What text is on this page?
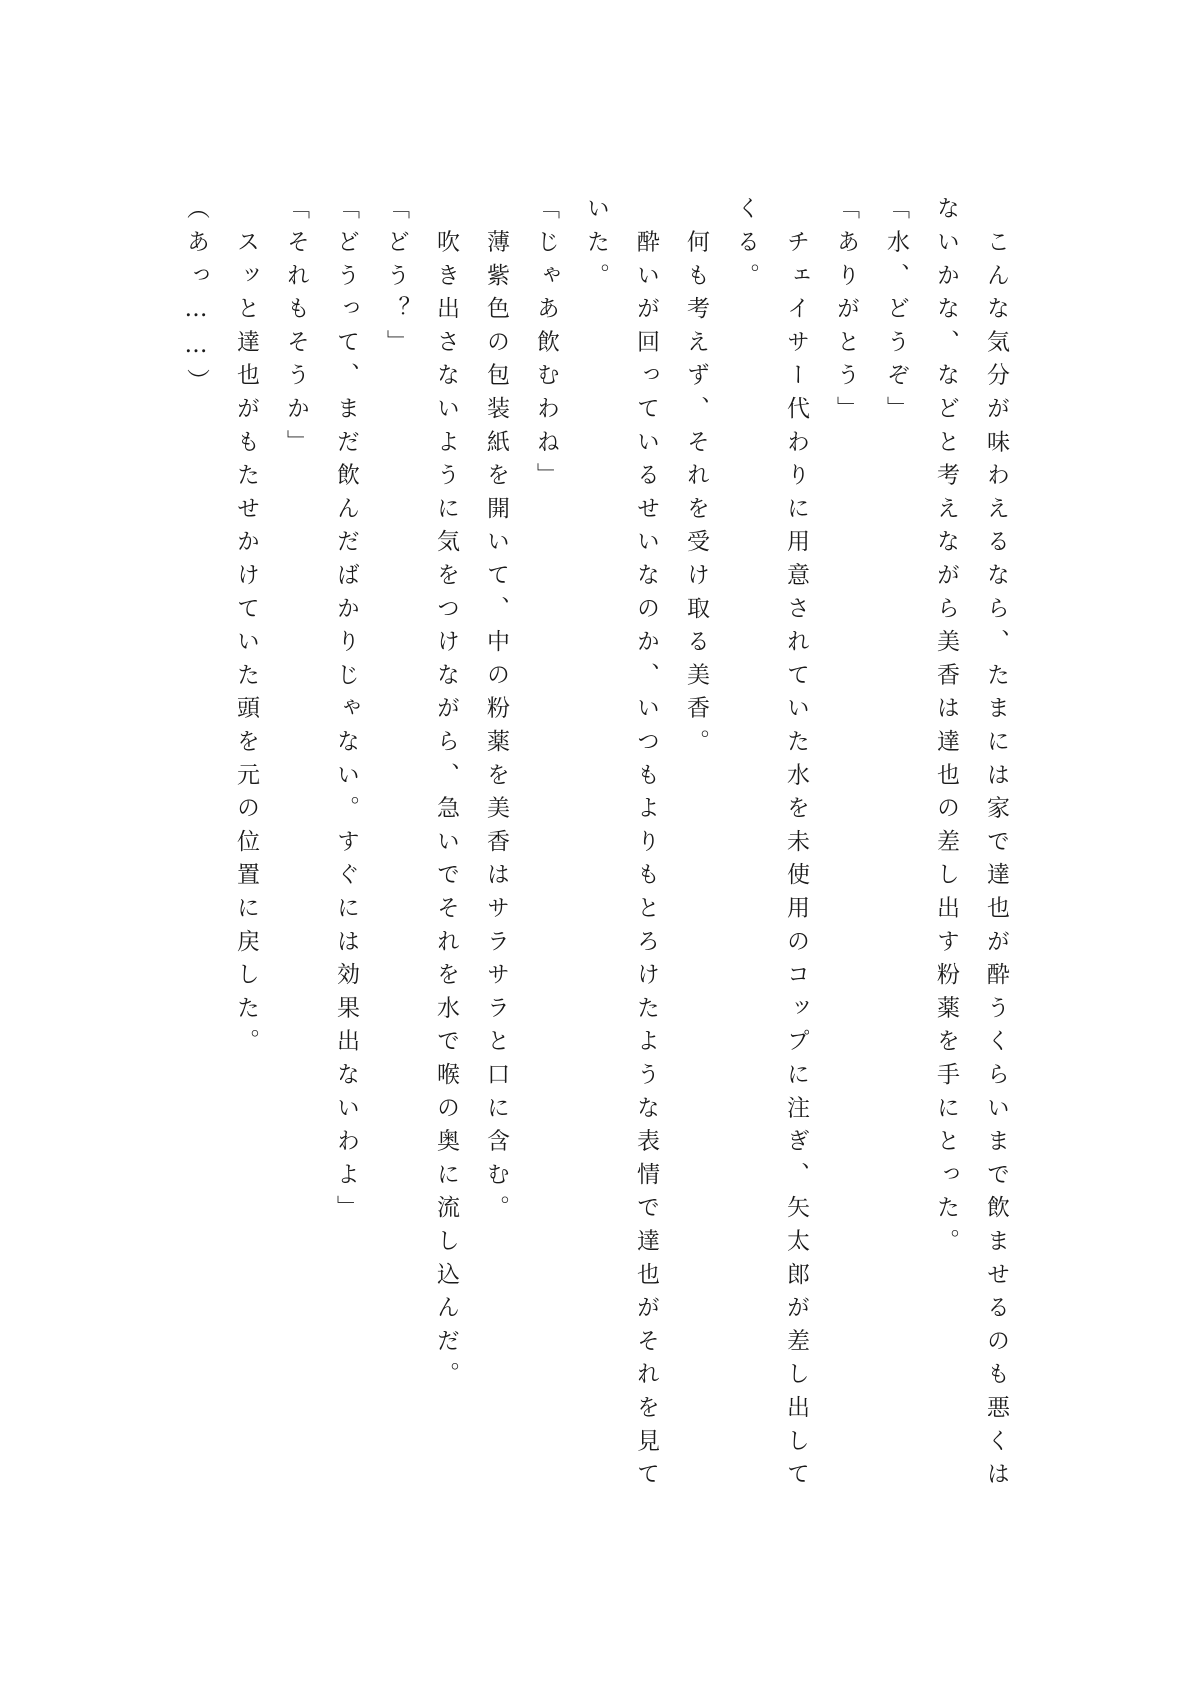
　こんな気分が味わえるなら、たまには家で達也が酔うくらいまで飲ませるのも悪くはないかな、などと考えながら美香は達也の差し出す粉薬を手にとった。

「水、どうぞ」

「ありがとう」

　チェイサー代わりに用意されていた水を未使用のコップに注ぎ、矢太郎が差し出してくる。

　何も考えず、それを受け取る美香。

　酔いが回っているせいなのか、いつもよりもとろけたような表情で達也がそれを見ていた。

「じゃあ飲むわね」

　薄紫色の包装紙を開いて、中の粉薬を美香はサラサラと口に含む。

　吹き出さないように気をつけながら、急いでそれを水で喉の奥に流し込んだ。

「どう？」

「どうって、まだ飲んだばかりじゃない。すぐには効果出ないわよ」

「それもそうか」

　スッと達也がもたせかけていた頭を元の位置に戻した。

（あっ……）
